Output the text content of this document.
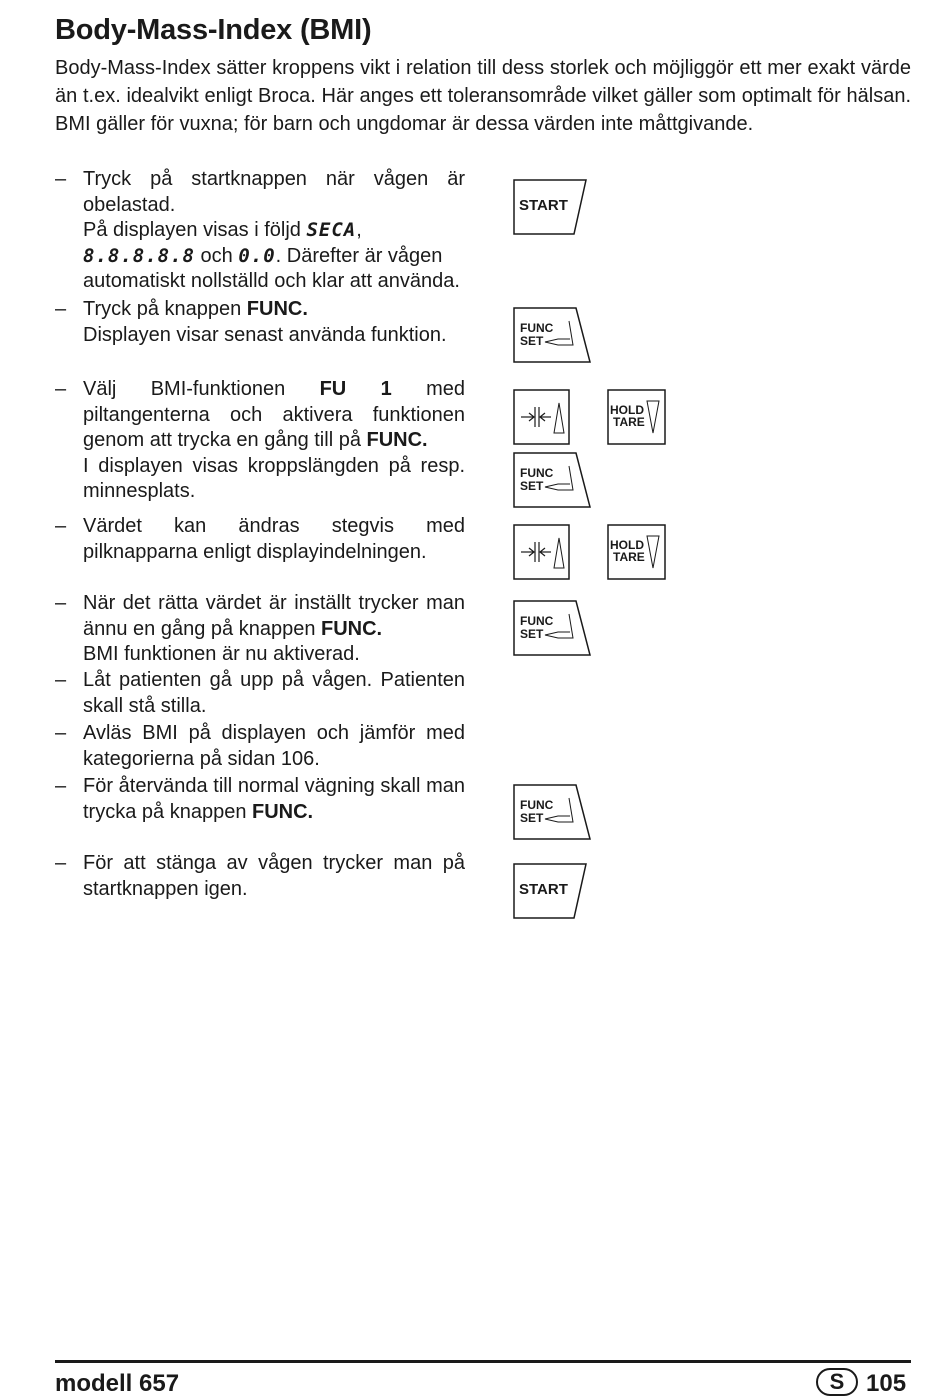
Body-Mass-Index (BMI)

Body-Mass-Index sätter kroppens vikt i relation till dess storlek och möjliggör ett mer exakt värde än t.ex. idealvikt enligt Broca. Här anges ett toleransområde vilket gäller som optimalt för hälsan. BMI gäller för vuxna; för barn och ungdomar är dessa värden inte måttgivande.

– Tryck på startknappen när vågen är obelastad.
På displayen visas i följd SECA, 8.8.8.8.8 och 0.0. Därefter är vågen automatiskt nollställd och klar att använda.
– Tryck på knappen FUNC.
Displayen visar senast använda funktion.
– Välj BMI-funktionen FU 1 med piltangenterna och aktivera funktionen genom att trycka en gång till på FUNC.
I displayen visas kroppslängden på resp. minnesplats.
– Värdet kan ändras stegvis med pilknapparna enligt displayindelningen.
– När det rätta värdet är inställt trycker man ännu en gång på knappen FUNC.
BMI funktionen är nu aktiverad.
– Låt patienten gå upp på vågen. Patienten skall stå stilla.
– Avläs BMI på displayen och jämför med kategorierna på sidan 106.
– För återvända till normal vägning skall man trycka på knappen FUNC.
– För att stänga av vågen trycker man på startknappen igen.
START
FUNC
SET
HOLD
TARE
FUNC
SET
HOLD
TARE
FUNC
SET
FUNC
SET
START
modell 657	S 105
